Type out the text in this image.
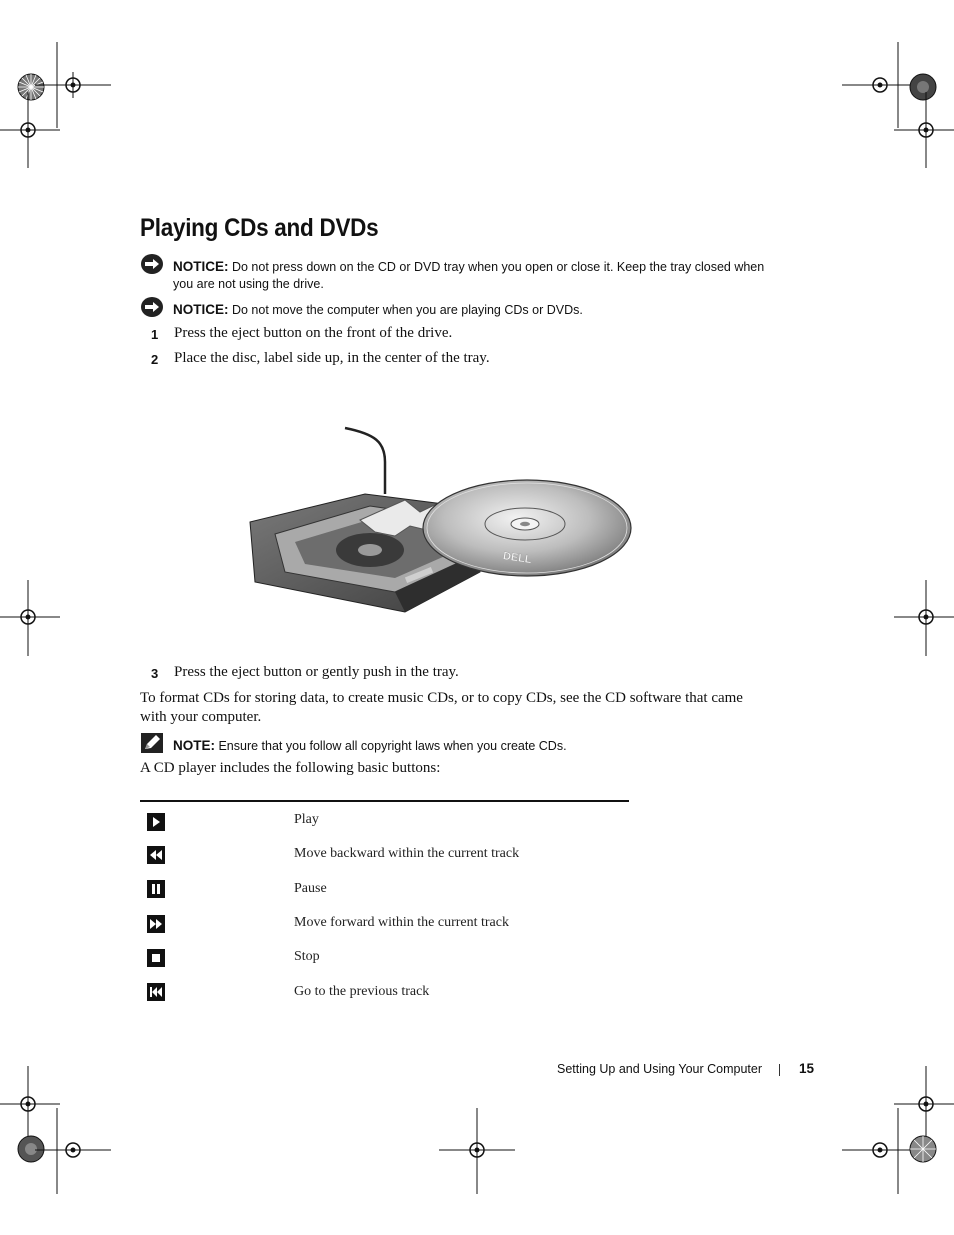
Playing CDs and DVDs
NOTICE: Do not press down on the CD or DVD tray when you open or close it. Keep the tray closed when you are not using the drive.
NOTICE: Do not move the computer when you are playing CDs or DVDs.
1 Press the eject button on the front of the drive.
2 Place the disc, label side up, in the center of the tray.
DELL
3 Press the eject button or gently push in the tray.
To format CDs for storing data, to create music CDs, or to copy CDs, see the CD software that came with your computer.
NOTE: Ensure that you follow all copyright laws when you create CDs.
A CD player includes the following basic buttons:
Play
Move backward within the current track
Pause
Move forward within the current track
Stop
Go to the previous track
Setting Up and Using Your Computer	15
